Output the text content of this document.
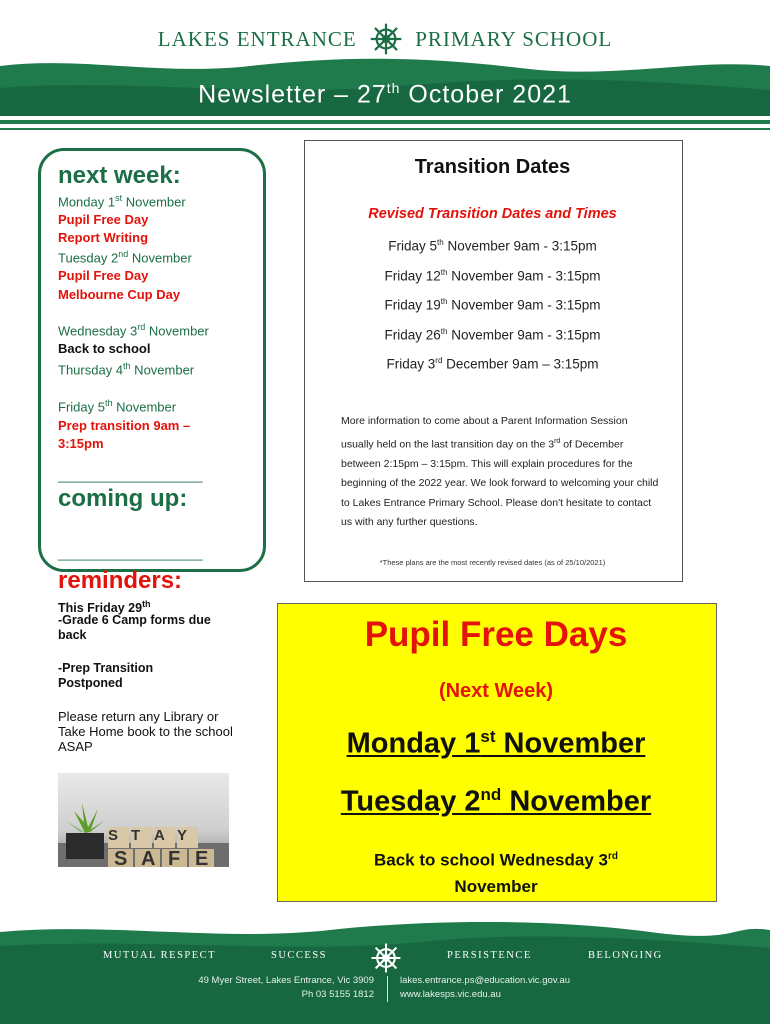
LAKES ENTRANCE	PRIMARY SCHOOL
Newsletter – 27th October 2021
next week:
Monday 1st November
Pupil Free Day
Report Writing
Tuesday 2nd November
Pupil Free Day
Melbourne Cup Day
Wednesday 3rd November
Back to school
Thursday 4th November
Friday 5th November
Prep transition 9am – 3:15pm
____________________
coming up:
____________________
reminders:
This Friday 29th
-Grade 6 Camp forms due back
-Prep Transition Postponed
Please return any Library or Take Home book to the school ASAP
S T A Y
S A F E
Transition Dates
Revised Transition Dates and Times
Friday 5th November 9am - 3:15pm
Friday 12th November 9am - 3:15pm
Friday 19th November 9am - 3:15pm
Friday 26th November 9am - 3:15pm
Friday 3rd December 9am – 3:15pm
More information to come about a Parent Information Session usually held on the last transition day on the 3rd of December between 2:15pm – 3:15pm. This will explain procedures for the beginning of the 2022 year. We look forward to welcoming your child to Lakes Entrance Primary School. Please don't hesitate to contact us with any further questions.
*These plans are the most recently revised dates (as of 25/10/2021)
Pupil Free Days
(Next Week)
Monday 1st November
Tuesday 2nd November
Back to school Wednesday 3rd
November
MUTUAL RESPECT	SUCCESS	PERSISTENCE	BELONGING
49 Myer Street, Lakes Entrance, Vic 3909
Ph 03 5155 1812
lakes.entrance.ps@education.vic.gov.au
www.lakesps.vic.edu.au
